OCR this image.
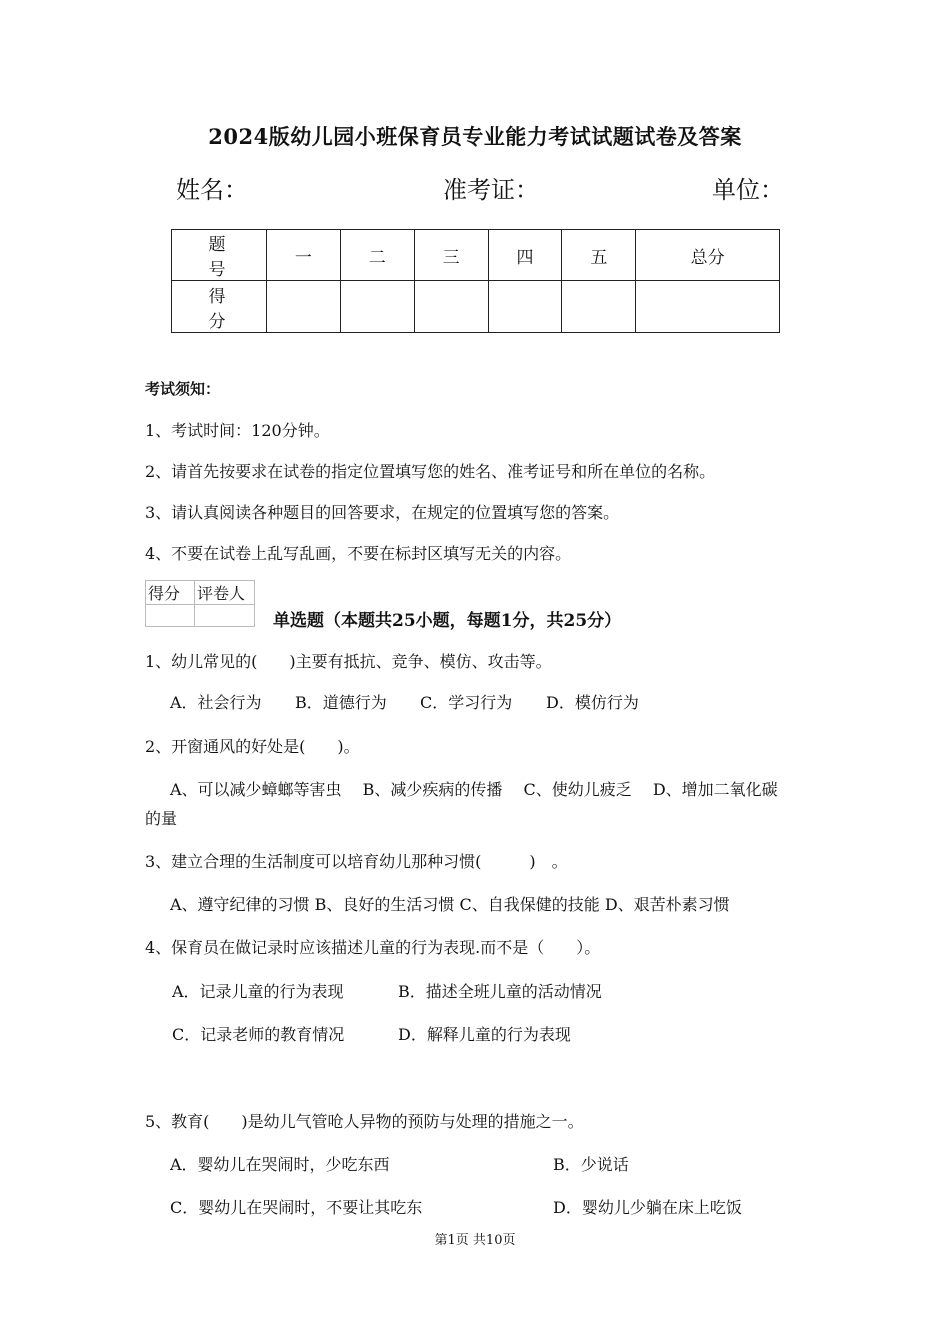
2024版幼儿园小班保育员专业能力考试试题试卷及答案
姓名：	准考证：	单位：
题　号	一	二	三	四	五	总分
得　分						
考试须知：
1、考试时间：120分钟。
2、请首先按要求在试卷的指定位置填写您的姓名、准考证号和所在单位的名称。
3、请认真阅读各种题目的回答要求，在规定的位置填写您的答案。
4、不要在试卷上乱写乱画，不要在标封区填写无关的内容。
得分	评卷人

单选题（本题共25小题，每题1分，共25分）
1、幼儿常见的(　　)主要有抵抗、竞争、模仿、攻击等。
A．社会行为 B．道德行为 C．学习行为 D．模仿行为
2、开窗通风的好处是(　　)。
A、可以减少蟑螂等害虫　 B、减少疾病的传播　 C、使幼儿疲乏　 D、增加二氧化碳
的量
3、建立合理的生活制度可以培育幼儿那种习惯(　　　)　。
A、遵守纪律的习惯 B、良好的生活习惯 C、自我保健的技能 D、艰苦朴素习惯
4、保育员在做记录时应该描述儿童的行为表现.而不是（　　）。
A．记录儿童的行为表现	B．描述全班儿童的活动情况
C．记录老师的教育情况	D．解释儿童的行为表现
5、教育(　　)是幼儿气管呛人异物的预防与处理的措施之一。
A．婴幼儿在哭闹时，少吃东西	B．少说话
C．婴幼儿在哭闹时，不要让其吃东	D．婴幼儿少躺在床上吃饭
第1页 共10页
